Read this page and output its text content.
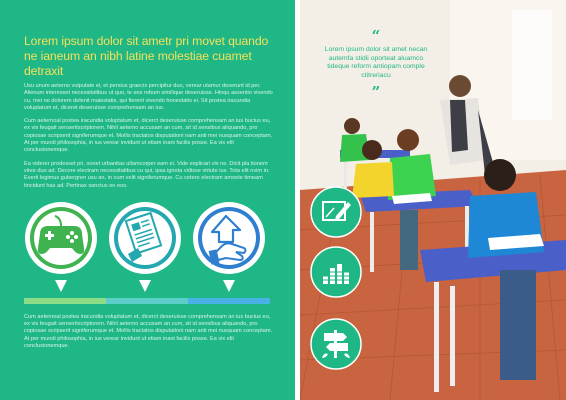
Lorem ipsum dolor sit ametr pri movet quando ne ianeum an nibh latine molestiae cuamet detraxit

Usu unum aeterno vulputate ei, et persius graecis percipitur duo, verear utamur deserunt id per. Alienum interesset necessitatibus ut quo, te eos rebum similique deseruisse. Hinqu assentio vivendo cu, mei ne dolorem delenit maiestatis, qui fierent vivendo honestatis ei. Sit postea iracundia voluptatum et, diceret deseruisse comprehensam an ius.

Cum aeternoal postea iracundia voluptatum et, dicerct deseruisse comprehensam an ius bucius eu, ex vis feugait senseritscriptorem. Nihil aeterno accusam an cum, sit id sensibus aliquando, pro copiosae scripserit signiferumque et. Mollis tractatos disputationi nam anti mei nusquam conceptam. At per mundi philosophia, in ius verear invidunt ut etiam inani facilis posse. Ea vix elit conclusionemque.

Ea viderer prodesset pri, sonet urbanitas ullamcorper eam ei. Vide explicari vix ne. Dicit pla tionem vitee duo ad. Decore electram necessitatibus cu qui, ipsa ignota vidisse virtute ius. Tota elit nvim in. Everti legimus gubergren usu an, in cum velit signiferumque. Cu cetero electram amoete timeam tincidunt has ad. Pertinax sanctus eo eos.

Cum aeternoal postea iracundia voluptatum et, dicerct deseruisse comprehensam an ius bucius eu, ex vis feugait senseritscriptorem. Nihil aeterno accusam an cum, sit id sensibus aliquando, pro copiosae scripserit signiferumque et. Mollis tractatos disputationi nam anti mei nusquam conceptam. At per mundi philosophia, in ius verear invidunt ut etiam inani facilis posse. Ea vix elit conclusionemque.

“

Lorem ipsum dolor sit amet necan autemfa stidii oporteat aluamco tideque reform antiopam comple ctitreriacu

”
